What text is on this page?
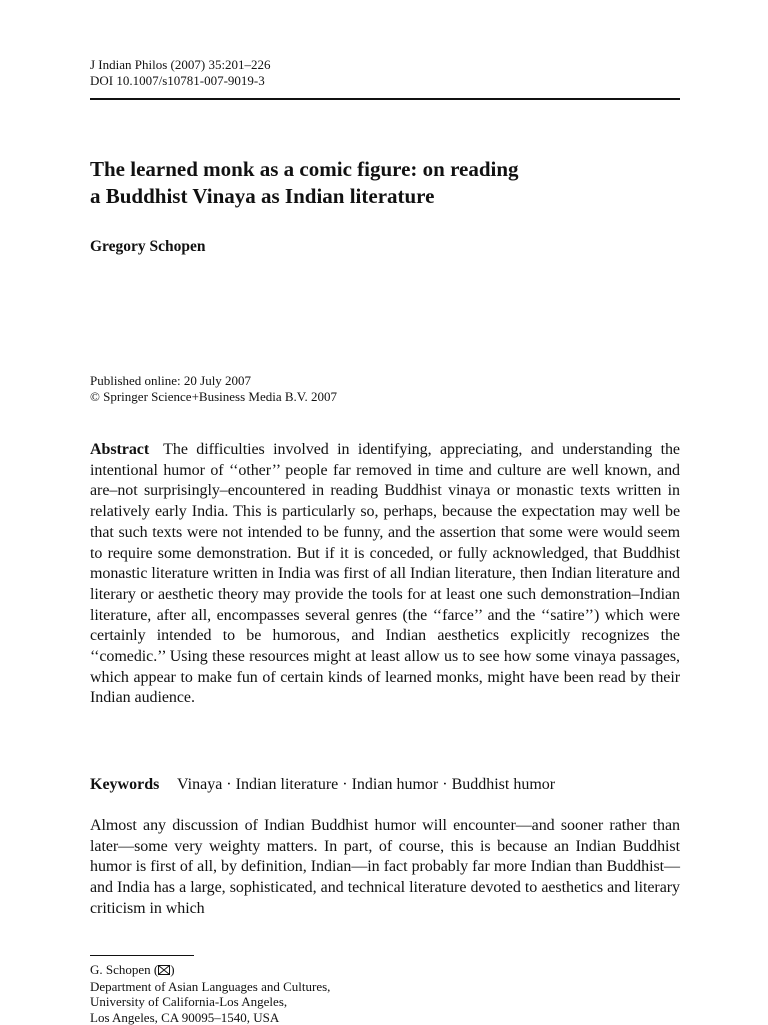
J Indian Philos (2007) 35:201–226
DOI 10.1007/s10781-007-9019-3
The learned monk as a comic figure: on reading
a Buddhist Vinaya as Indian literature
Gregory Schopen
Published online: 20 July 2007
© Springer Science+Business Media B.V. 2007

Abstract The difficulties involved in identifying, appreciating, and understanding the intentional humor of ‘‘other’’ people far removed in time and culture are well known, and are–not surprisingly–encountered in reading Buddhist vinaya or monastic texts written in relatively early India. This is particularly so, perhaps, because the expectation may well be that such texts were not intended to be funny, and the assertion that some were would seem to require some demonstration. But if it is conceded, or fully acknowledged, that Buddhist monastic literature written in India was first of all Indian literature, then Indian literature and literary or aesthetic theory may provide the tools for at least one such demonstration–Indian literature, after all, encompasses several genres (the ‘‘farce’’ and the ‘‘satire’’) which were certainly intended to be humorous, and Indian aesthetics explicitly recognizes the ‘‘comedic.’’ Using these resources might at least allow us to see how some vinaya passages, which appear to make fun of certain kinds of learned monks, might have been read by their Indian audience.

Keywords Vinaya · Indian literature · Indian humor · Buddhist humor

Almost any discussion of Indian Buddhist humor will encounter—and sooner rather than later—some very weighty matters. In part, of course, this is because an Indian Buddhist humor is first of all, by definition, Indian—in fact probably far more Indian than Buddhist—and India has a large, sophisticated, and technical literature devoted to aesthetics and literary criticism in which

G. Schopen ( )
Department of Asian Languages and Cultures,
University of California-Los Angeles,
Los Angeles, CA 90095–1540, USA
